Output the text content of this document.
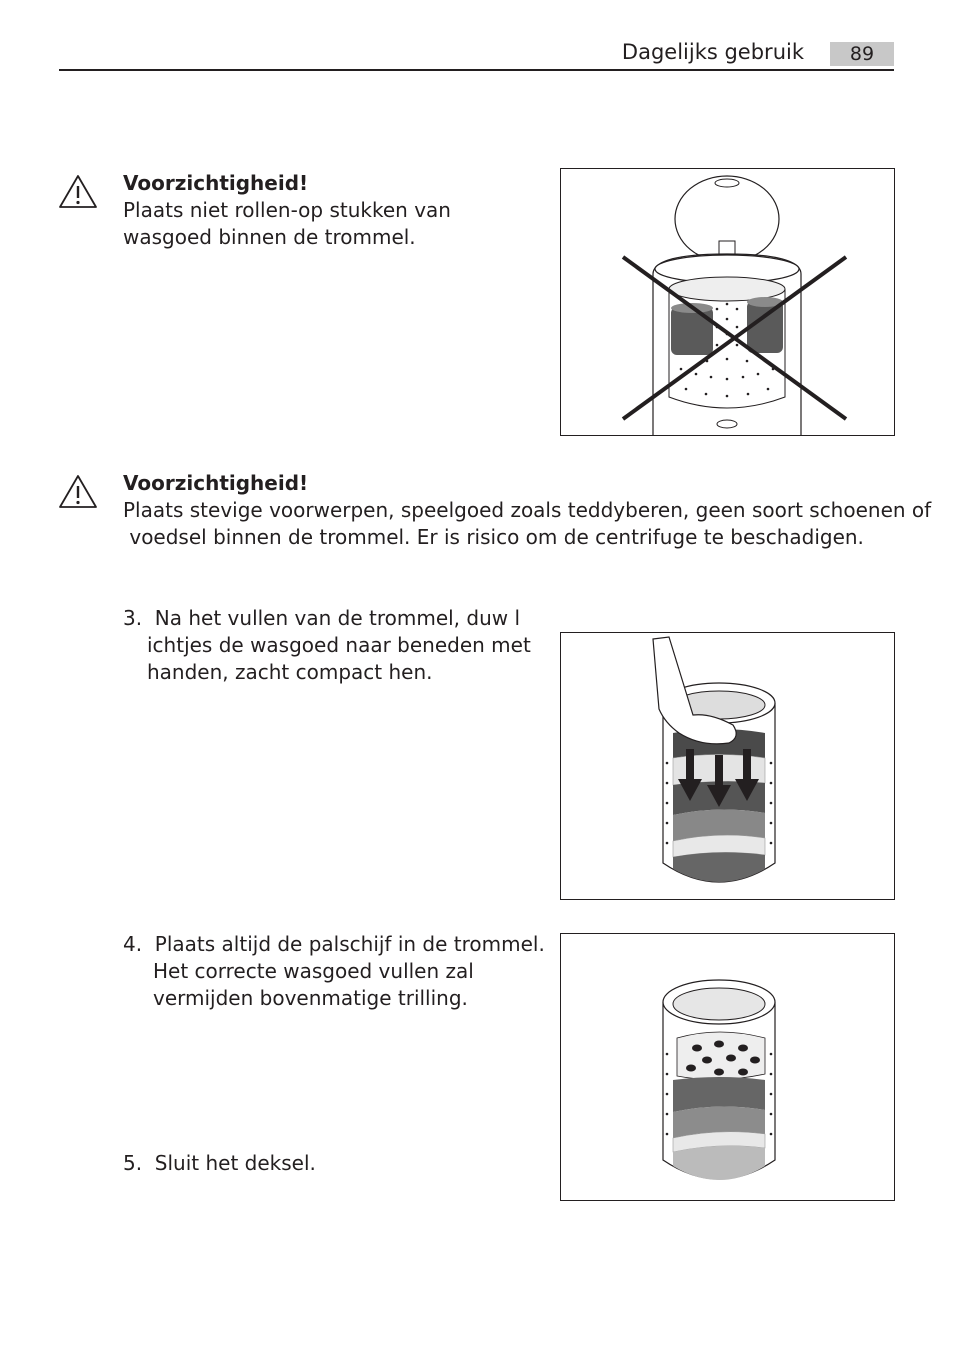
Dagelijks gebruik	89
Voorzichtigheid!
Plaats niet rollen-op stukken van
wasgoed binnen de trommel.
Voorzichtigheid!
Plaats stevige voorwerpen, speelgoed zoals teddyberen, geen soort schoenen of
voedsel binnen de trommel. Er is risico om de centrifuge te beschadigen.
3.  Na het vullen van de trommel, duw l
ichtjes de wasgoed naar beneden met
handen, zacht compact hen.
4.  Plaats altijd de palschijf in de trommel.
Het correcte wasgoed vullen zal
vermijden bovenmatige trilling.
5.  Sluit het deksel.
